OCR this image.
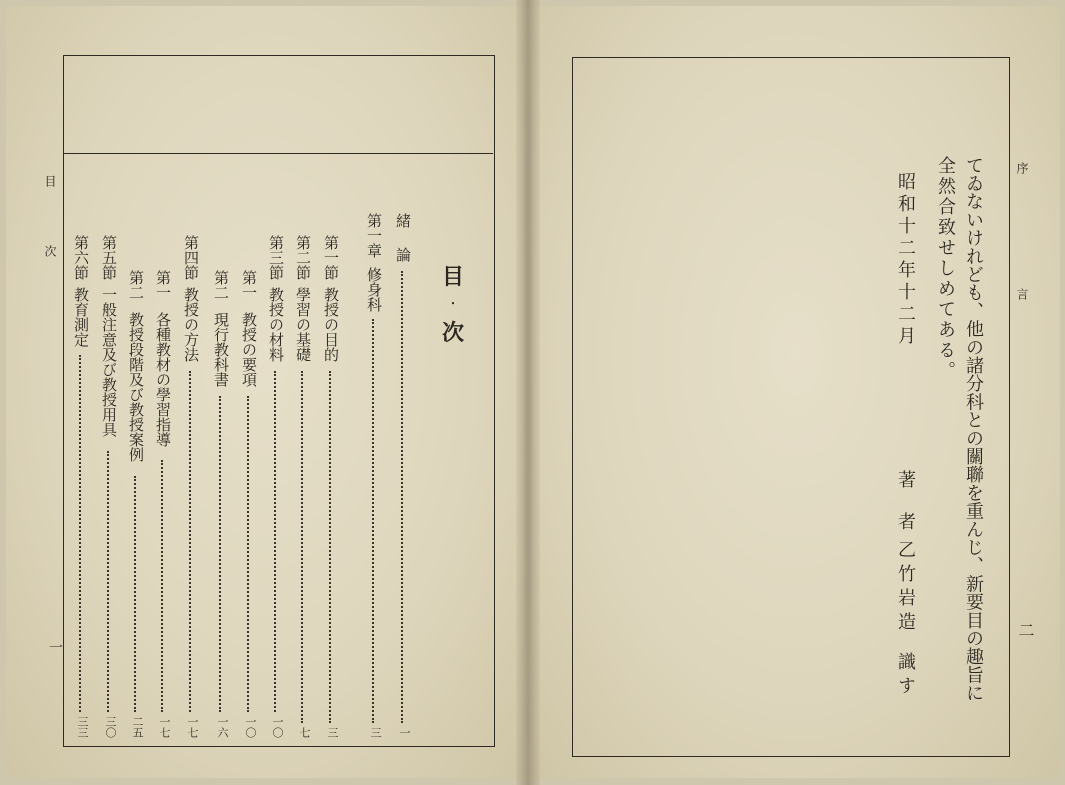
目 次
一
目
・
次
緒　論
一
第一章
修身科
三
第一節
教授の目的
三
第二節
學習の基礎
七
第三節
教授の材料
一〇
第一
教授の要項
一〇
第二
現行教科書
一六
第四節
教授の方法
一七
第一
各種教材の學習指導
一七
第二
教授段階及び教授案例
二五
第五節
一般注意及び教授用具
三〇
第六節
教育測定
三三
序 言
二
てゐないけれども、他の諸分科との關聯を重んじ、新要目の趣旨に
全然合致せしめてある。
昭和十二年十二月
著　者
乙竹岩造
識す
